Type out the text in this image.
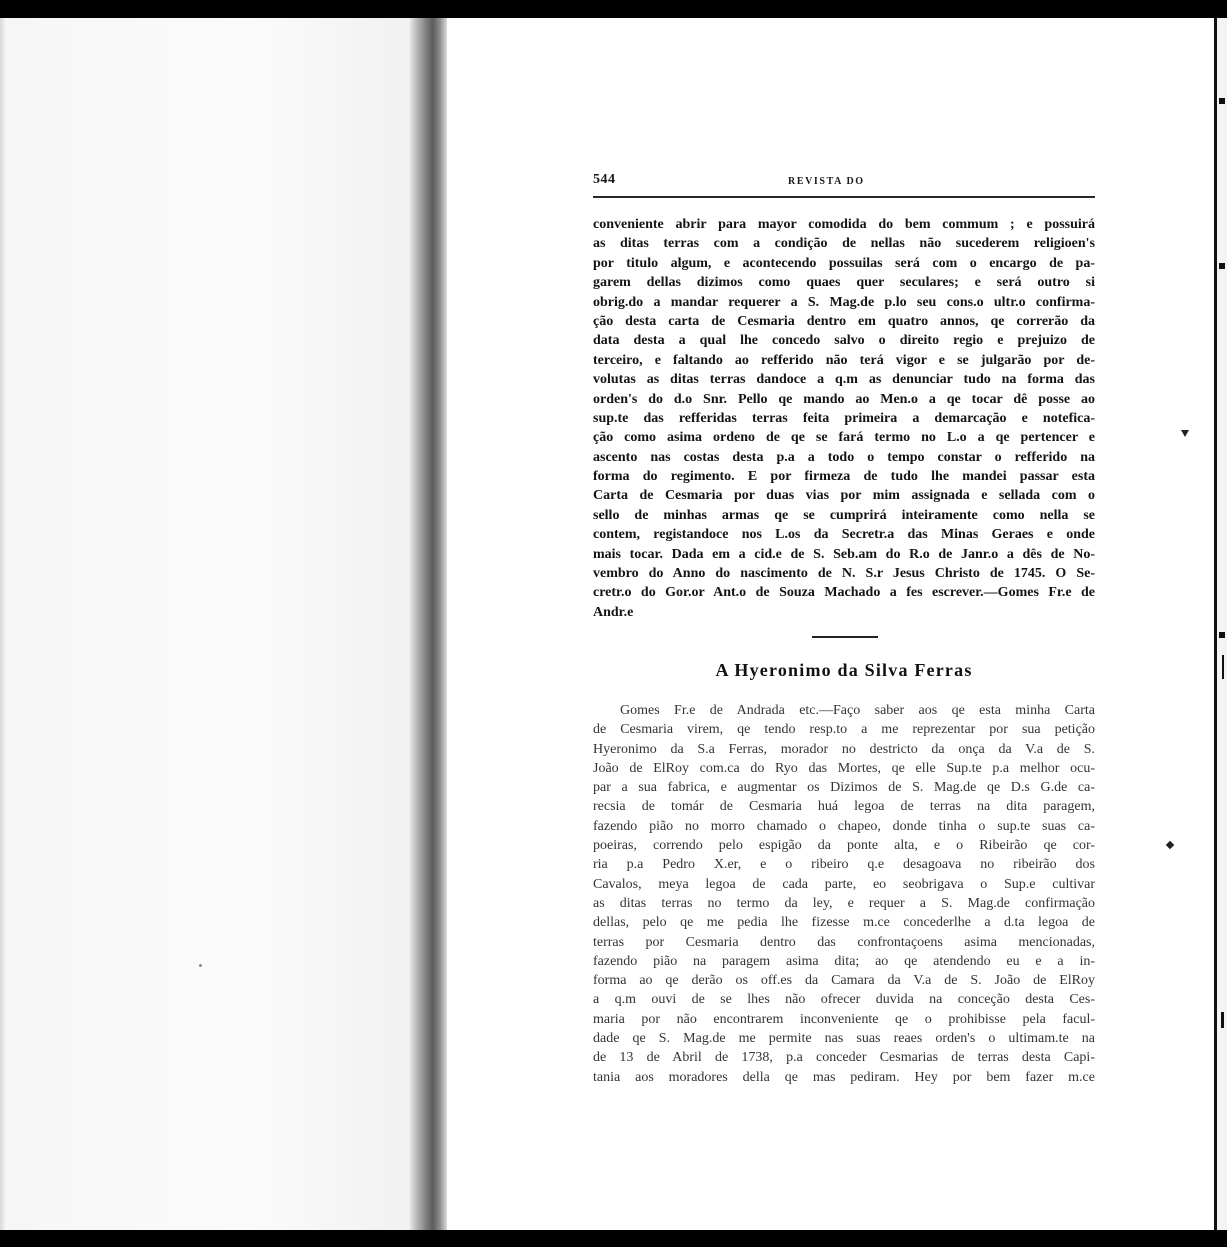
544	REVISTA DO
conveniente abrir para mayor comodida do bem commum ; e possuirá
as ditas terras com a condição de nellas não sucederem religioen's
por titulo algum, e acontecendo possuilas será com o encargo de pa-
garem dellas dizimos como quaes quer seculares; e será outro si
obrig.do a mandar requerer a S. Mag.de p.lo seu cons.o ultr.o confirma-
ção desta carta de Cesmaria dentro em quatro annos, qe correrão da
data desta a qual lhe concedo salvo o direito regio e prejuizo de
terceiro, e faltando ao refferido não terá vigor e se julgarão por de-
volutas as ditas terras dandoce a q.m as denunciar tudo na forma das
orden's do d.o Snr. Pello qe mando ao Men.o a qe tocar dê posse ao
sup.te das refferidas terras feita primeira a demarcação e notefica-
ção como asima ordeno de qe se fará termo no L.o a qe pertencer e
ascento nas costas desta p.a a todo o tempo constar o refferido na
forma do regimento. E por firmeza de tudo lhe mandei passar esta
Carta de Cesmaria por duas vias por mim assignada e sellada com o
sello de minhas armas qe se cumprirá inteiramente como nella se
contem, registandoce nos L.os da Secretr.a das Minas Geraes e onde
mais tocar. Dada em a cid.e de S. Seb.am do R.o de Janr.o a dês de No-
vembro do Anno do nascimento de N. S.r Jesus Christo de 1745. O Se-
cretr.o do Gor.or Ant.o de Souza Machado a fes escrever.—Gomes Fr.e de
Andr.e
A Hyeronimo da Silva Ferras
Gomes Fr.e de Andrada etc.—Faço saber aos qe esta minha Carta
de Cesmaria virem, qe tendo resp.to a me reprezentar por sua petição
Hyeronimo da S.a Ferras, morador no destricto da onça da V.a de S.
João de ElRoy com.ca do Ryo das Mortes, qe elle Sup.te p.a melhor ocu-
par a sua fabrica, e augmentar os Dizimos de S. Mag.de qe D.s G.de ca-
recsia de tomár de Cesmaria huá legoa de terras na dita paragem,
fazendo pião no morro chamado o chapeo, donde tinha o sup.te suas ca-
poeiras, correndo pelo espigão da ponte alta, e o Ribeirão qe cor-
ria p.a Pedro X.er, e o ribeiro q.e desagoava no ribeirão dos
Cavalos, meya legoa de cada parte, eo seobrigava o Sup.e cultivar
as ditas terras no termo da ley, e requer a S. Mag.de confirmação
dellas, pelo qe me pedia lhe fizesse m.ce concederlhe a d.ta legoa de
terras por Cesmaria dentro das confrontaçoens asima mencionadas,
fazendo pião na paragem asima dita; ao qe atendendo eu e a in-
forma ao qe derão os off.es da Camara da V.a de S. João de ElRoy
a q.m ouvi de se lhes não ofrecer duvida na conceção desta Ces-
maria por não encontrarem inconveniente qe o prohibisse pela facul-
dade qe S. Mag.de me permite nas suas reaes orden's o ultimam.te na
de 13 de Abril de 1738, p.a conceder Cesmarias de terras desta Capi-
tania aos moradores della qe mas pediram. Hey por bem fazer m.ce
